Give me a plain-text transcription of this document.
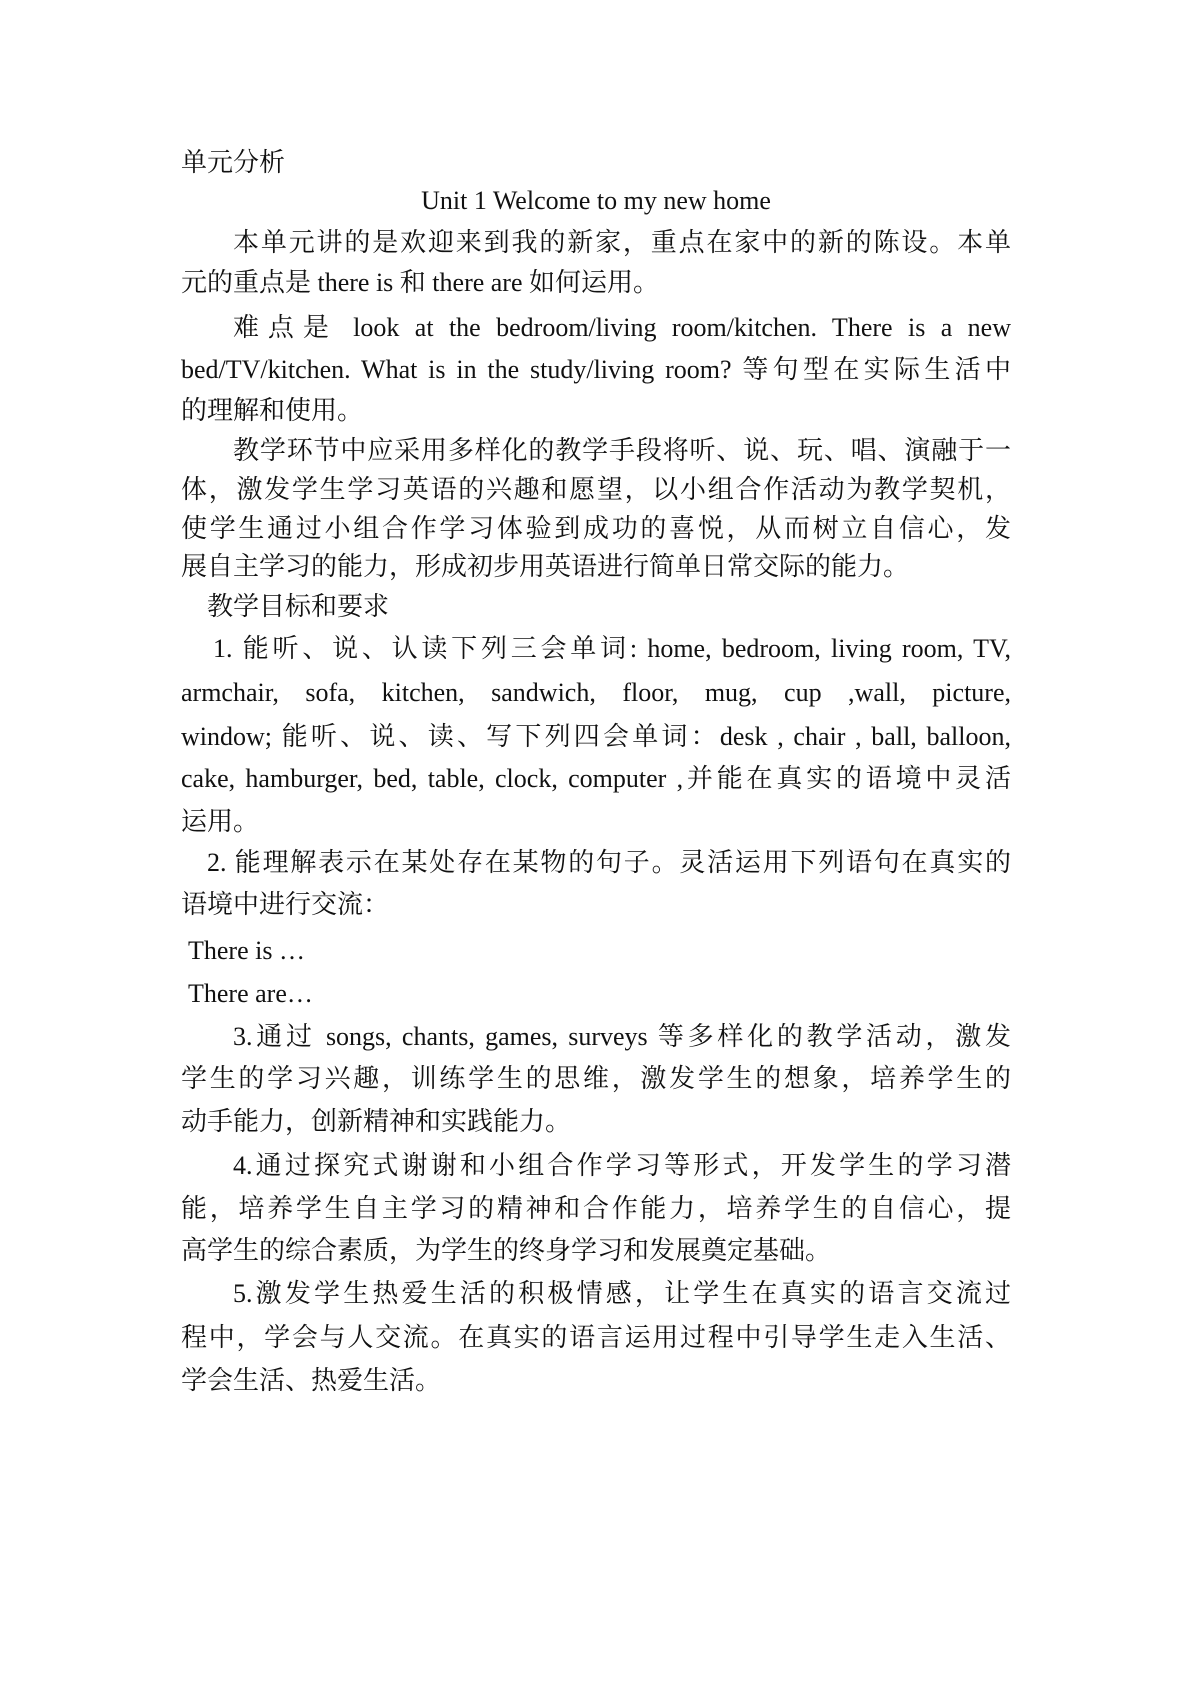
单元分析
Unit 1 Welcome to my new home
本单元讲的是欢迎来到我的新家，重点在家中的新的陈设。本单
元的重点是 there is 和 there are 如何运用。
难点是 look at the bedroom/living room/kitchen. There is a new
bed/TV/kitchen. What is in the study/living room? 等句型在实际生活中
的理解和使用。
教学环节中应采用多样化的教学手段将听、说、玩、唱、演融于一
体，激发学生学习英语的兴趣和愿望，以小组合作活动为教学契机，
使学生通过小组合作学习体验到成功的喜悦，从而树立自信心，发
展自主学习的能力，形成初步用英语进行简单日常交际的能力。
教学目标和要求
1. 能听、说、认读下列三会单词: home, bedroom, living room, TV,
armchair, sofa, kitchen, sandwich, floor, mug, cup ,wall, picture,
window; 能听、说、读、写下列四会单词：desk , chair , ball, balloon,
cake, hamburger, bed, table, clock, computer ,并能在真实的语境中灵活
运用。
2. 能理解表示在某处存在某物的句子。灵活运用下列语句在真实的
语境中进行交流：
There is …
There are…
3.通过 songs, chants, games, surveys 等多样化的教学活动，激发
学生的学习兴趣，训练学生的思维，激发学生的想象，培养学生的
动手能力，创新精神和实践能力。
4.通过探究式谢谢和小组合作学习等形式，开发学生的学习潜
能，培养学生自主学习的精神和合作能力，培养学生的自信心，提
高学生的综合素质，为学生的终身学习和发展奠定基础。
5.激发学生热爱生活的积极情感，让学生在真实的语言交流过
程中，学会与人交流。在真实的语言运用过程中引导学生走入生活、
学会生活、热爱生活。
